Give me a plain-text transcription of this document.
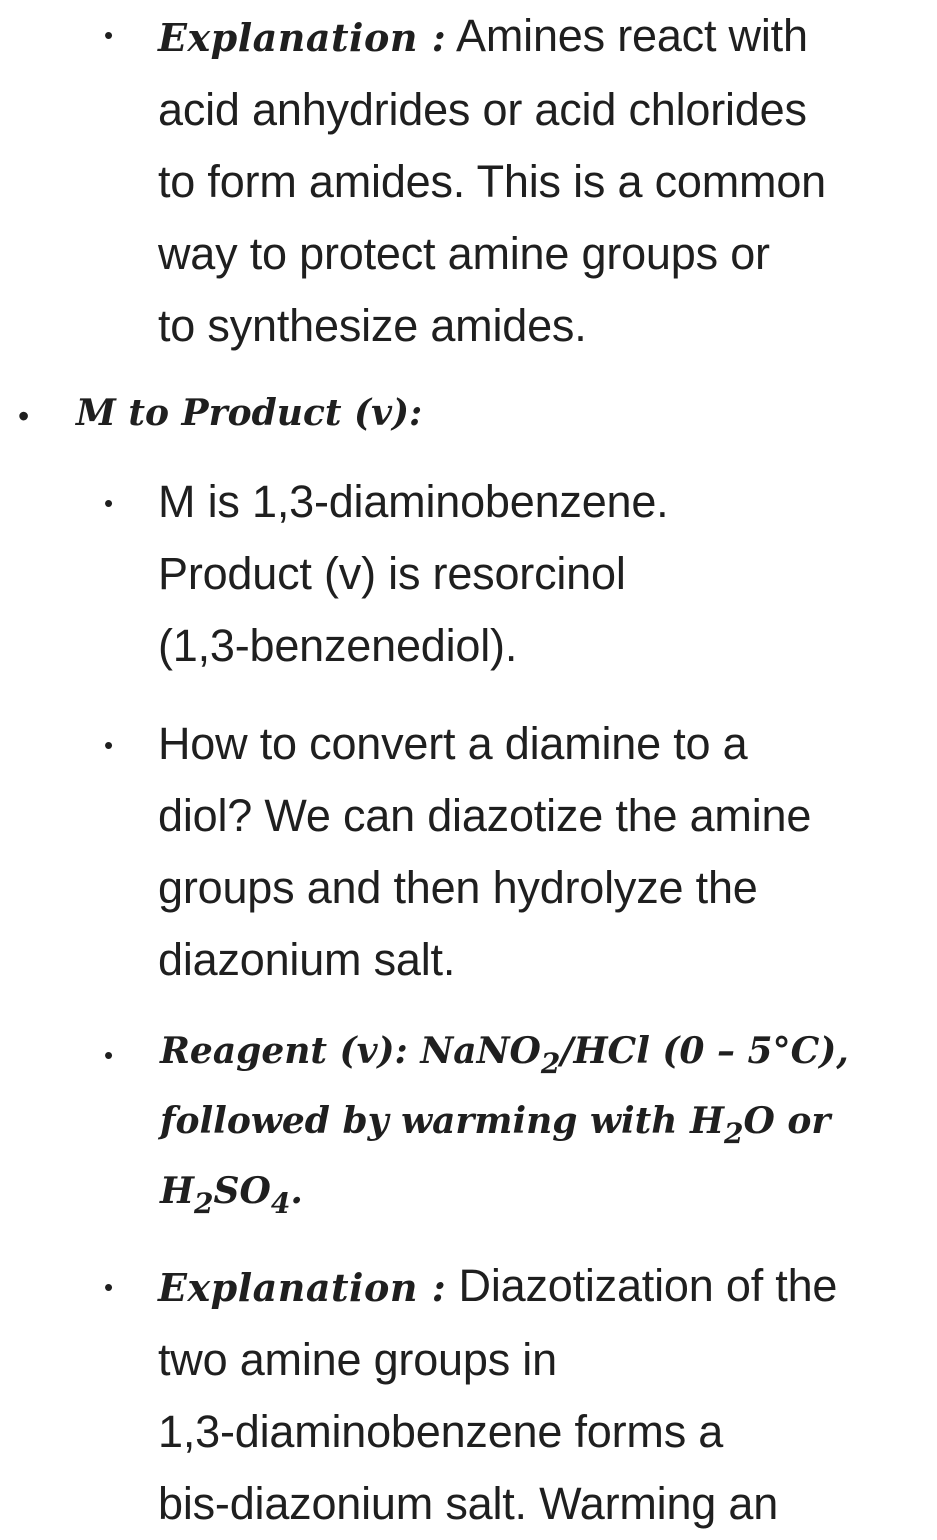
• Explanation : Amines react with
acid anhydrides or acid chlorides
to form amides. This is a common
way to protect amine groups or
to synthesize amides.
• M to Product (v):
• M is 1,3-diaminobenzene.
Product (v) is resorcinol
(1,3-benzenediol).
• How to convert a diamine to a
diol? We can diazotize the amine
groups and then hydrolyze the
diazonium salt.
• Reagent (v): NaNO$_2$/HCl (0 – 5°C),
followed by warming with $H_2O$ or
$H_2SO_4$.
• Explanation : Diazotization of the
two amine groups in
1,3-diaminobenzene forms a
bis-diazonium salt. Warming an
